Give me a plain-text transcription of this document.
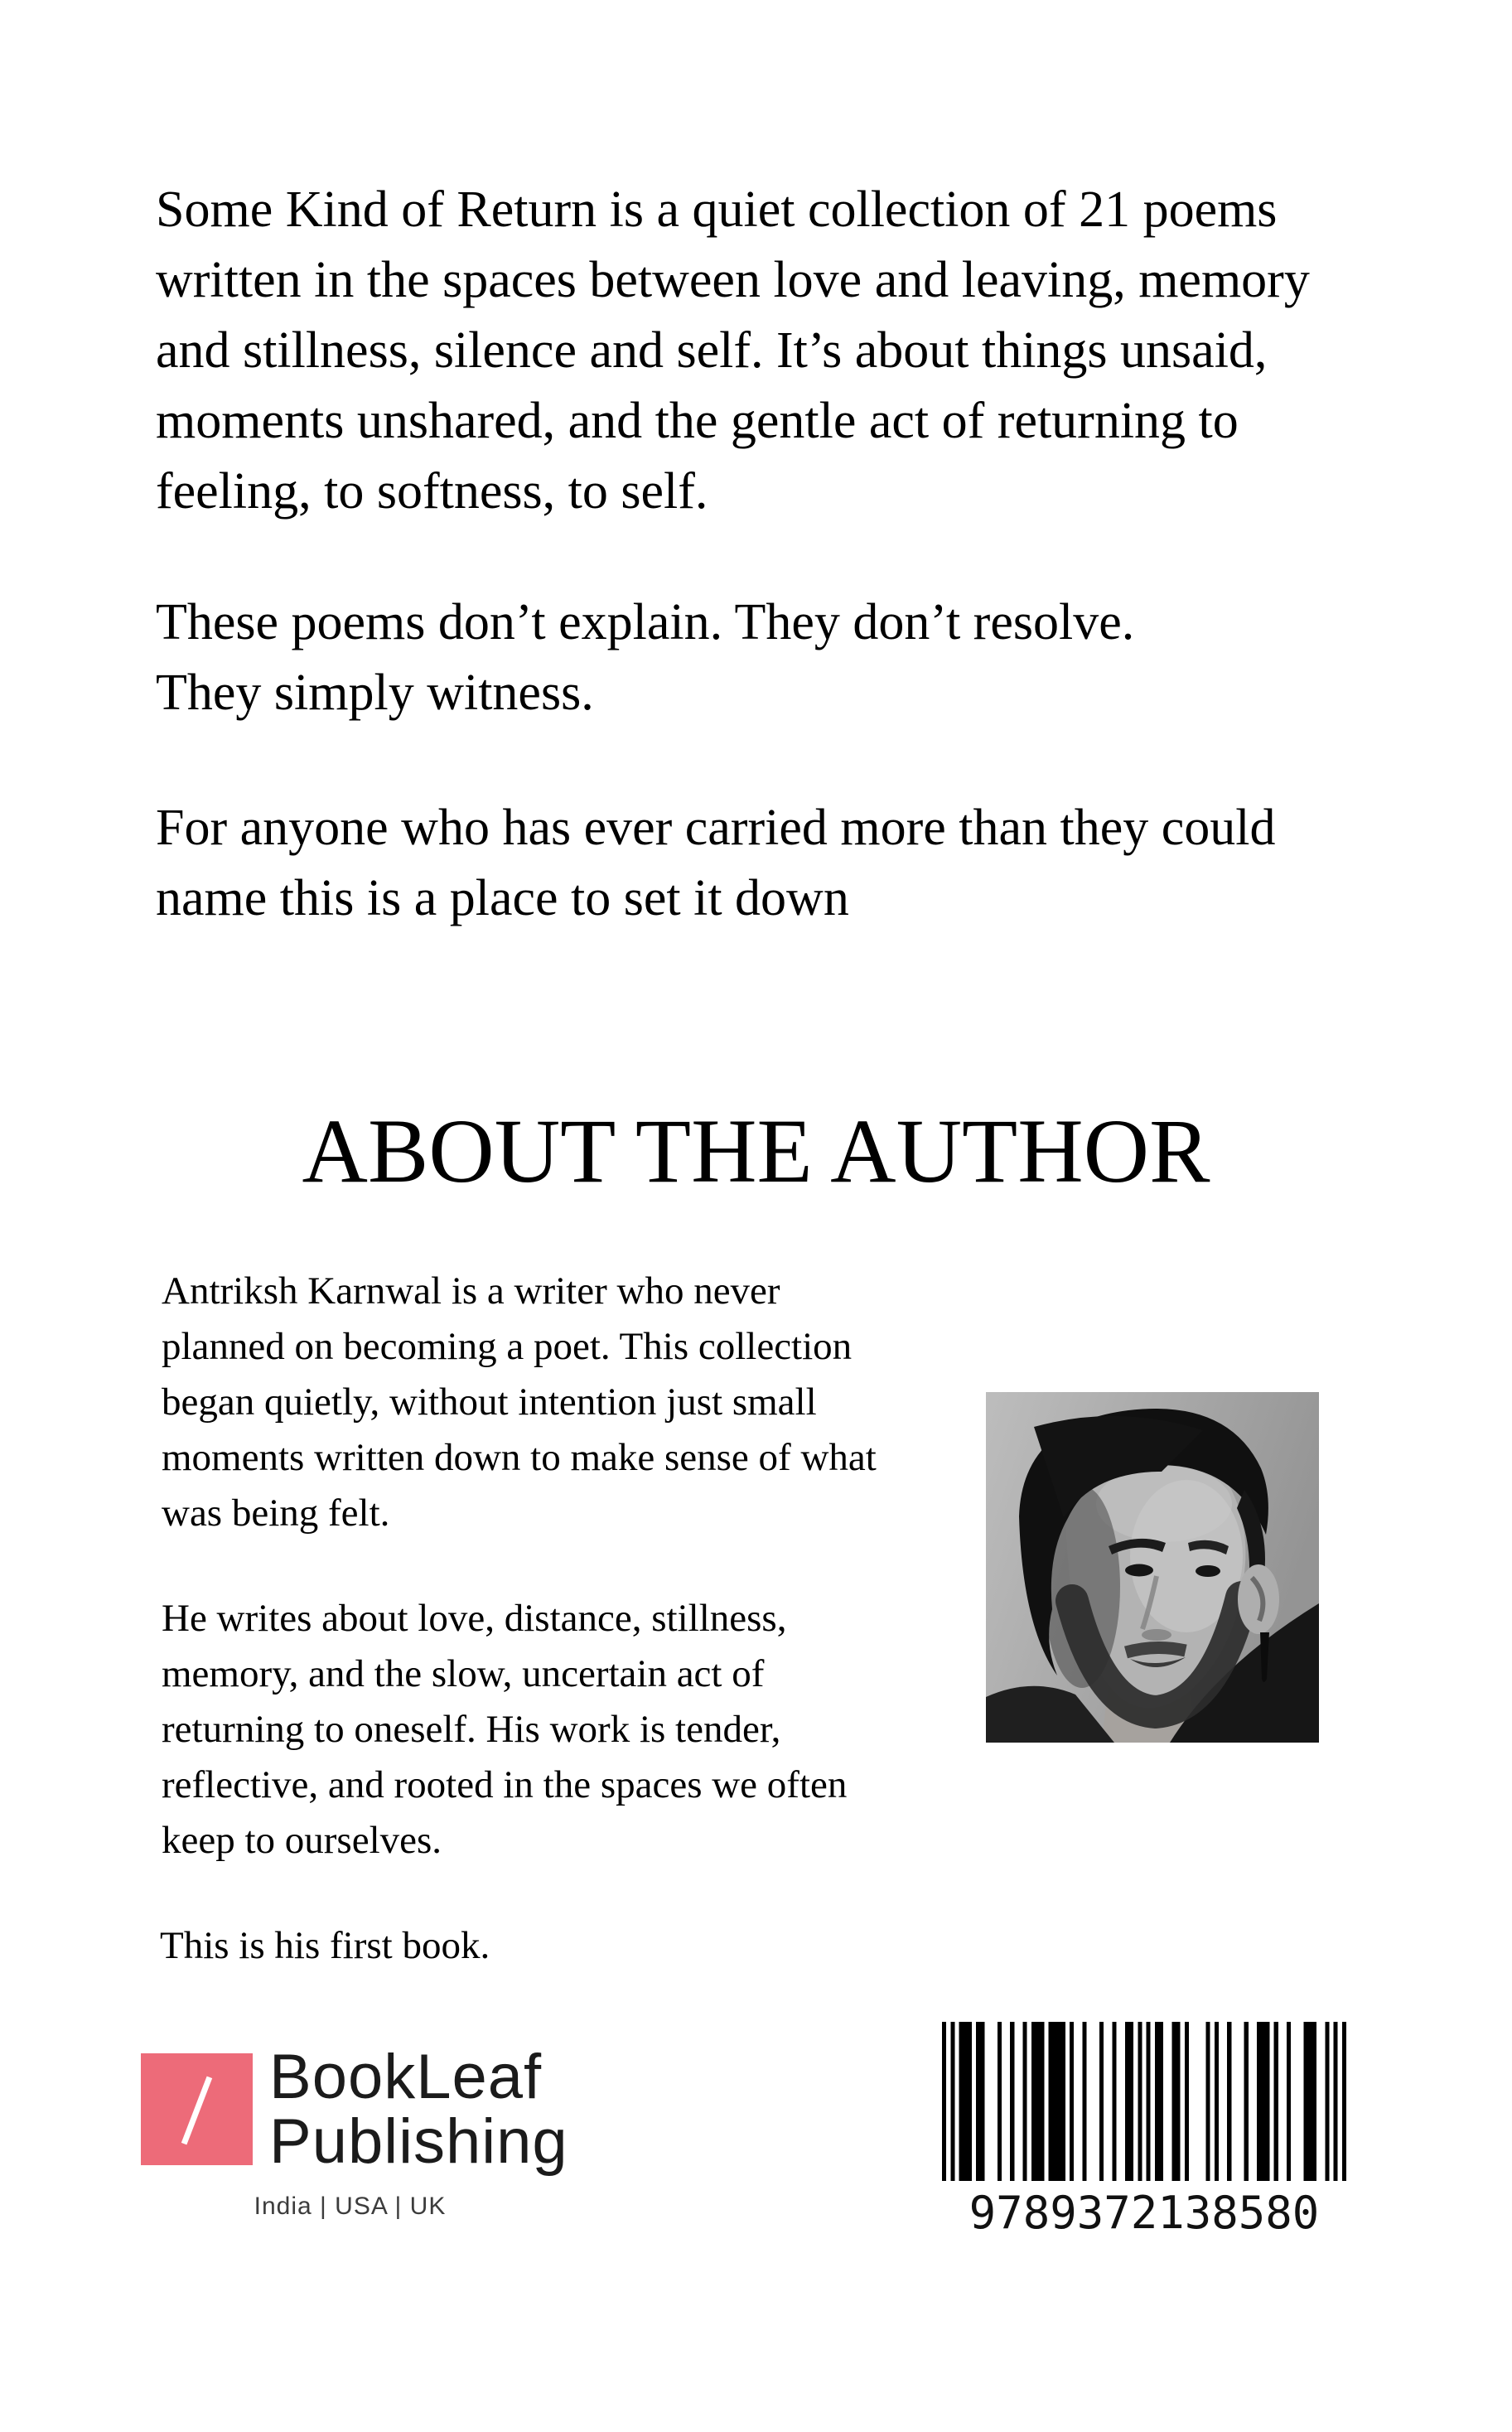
Some Kind of Return is a quiet collection of 21 poems
written in the spaces between love and leaving, memory
and stillness, silence and self. It’s about things unsaid,
moments unshared, and the gentle act of returning to
feeling, to softness, to self.
These poems don’t explain. They don’t resolve.
They simply witness.
For anyone who has ever carried more than they could
name this is a place to set it down
ABOUT THE AUTHOR
Antriksh Karnwal is a writer who never
planned on becoming a poet. This collection
began quietly, without intention just small
moments written down to make sense of what
was being felt.
He writes about love, distance, stillness,
memory, and the slow, uncertain act of
returning to oneself. His work is tender,
reflective, and rooted in the spaces we often
keep to ourselves.
This is his first book.
BookLeaf
Publishing
India | USA | UK	9789372138580
